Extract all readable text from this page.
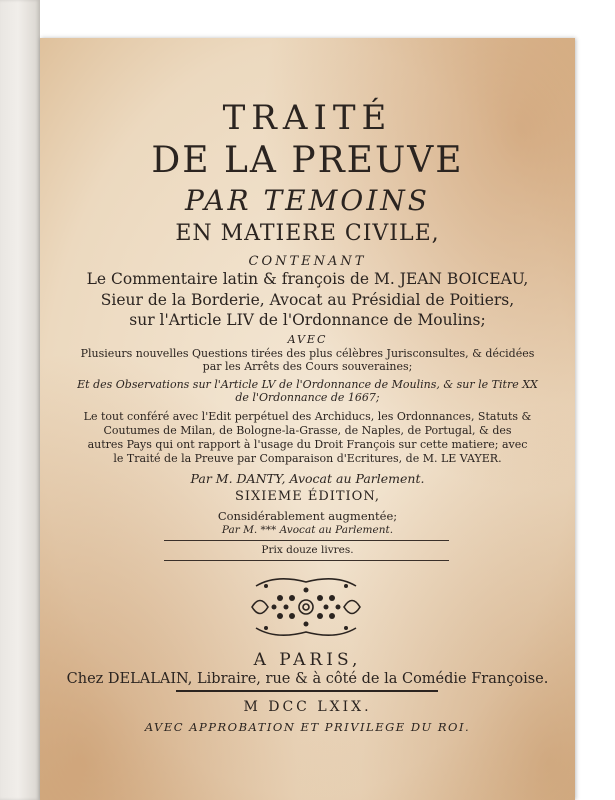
TRAITÉ
DE LA PREUVE
PAR TEMOINS
EN MATIERE CIVILE,
CONTENANT
Le Commentaire latin & françois de M. JEAN BOICEAU,
Sieur de la Borderie, Avocat au Présidial de Poitiers,
sur l'Article LIV de l'Ordonnance de Moulins;
AVEC
Plusieurs nouvelles Questions tirées des plus célèbres Jurisconsultes, & décidées
par les Arrêts des Cours souveraines;
Et des Observations sur l'Article LV de l'Ordonnance de Moulins, & sur le Titre XX
de l'Ordonnance de 1667;
Le tout conféré avec l'Edit perpétuel des Archiducs, les Ordonnances, Statuts &
Coutumes de Milan, de Bologne-la-Grasse, de Naples, de Portugal, & des
autres Pays qui ont rapport à l'usage du Droit François sur cette matiere; avec
le Traité de la Preuve par Comparaison d'Ecritures, de M. LE VAYER.
Par M. DANTY, Avocat au Parlement.
SIXIEME ÉDITION,
Considérablement augmentée;
Par M. *** Avocat au Parlement.
Prix douze livres.
A PARIS,
Chez DELALAIN, Libraire, rue & à côté de la Comédie Françoise.
M DCC LXIX.
AVEC APPROBATION ET PRIVILEGE DU ROI.
